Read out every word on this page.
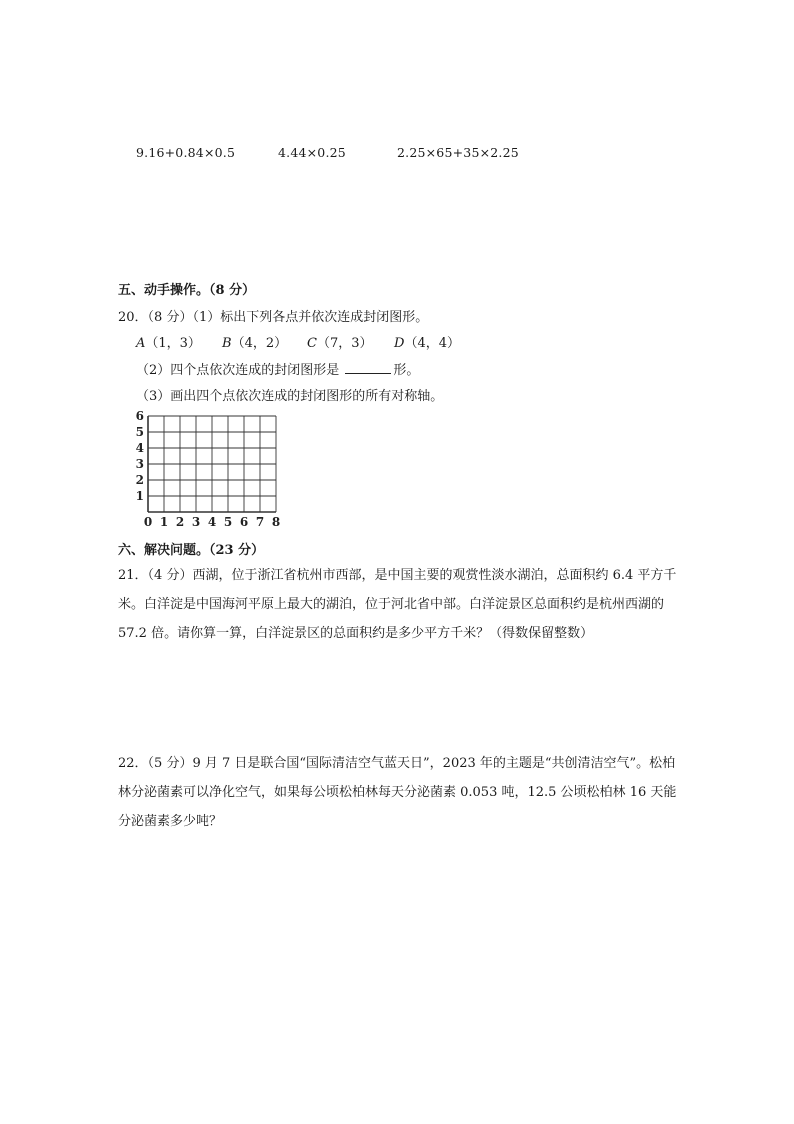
9.16+0.84×0.5	4.44×0.25	2.25×65+35×2.25
五、动手操作。（8 分）
20．（8 分）（1）标出下列各点并依次连成封闭图形。
A（1，3） B（4，2） C（7，3） D（4，4）
（2）四个点依次连成的封闭图形是	形。
（3）画出四个点依次连成的封闭图形的所有对称轴。
0 1 2 3 4 5 6 7 8
1
2
3
4
5
6
六、解决问题。（23 分）
21．（4 分）西湖，位于浙江省杭州市西部，是中国主要的观赏性淡水湖泊，总面积约 6.4 平方千米。白洋淀是中国海河平原上最大的湖泊，位于河北省中部。白洋淀景区总面积约是杭州西湖的 57.2 倍。请你算一算，白洋淀景区的总面积约是多少平方千米？（得数保留整数）
22．（5 分）9 月 7 日是联合国“国际清洁空气蓝天日”，2023 年的主题是“共创清洁空气”。松柏林分泌菌素可以净化空气，如果每公顷松柏林每天分泌菌素 0.053 吨，12.5 公顷松柏林 16 天能分泌菌素多少吨？
